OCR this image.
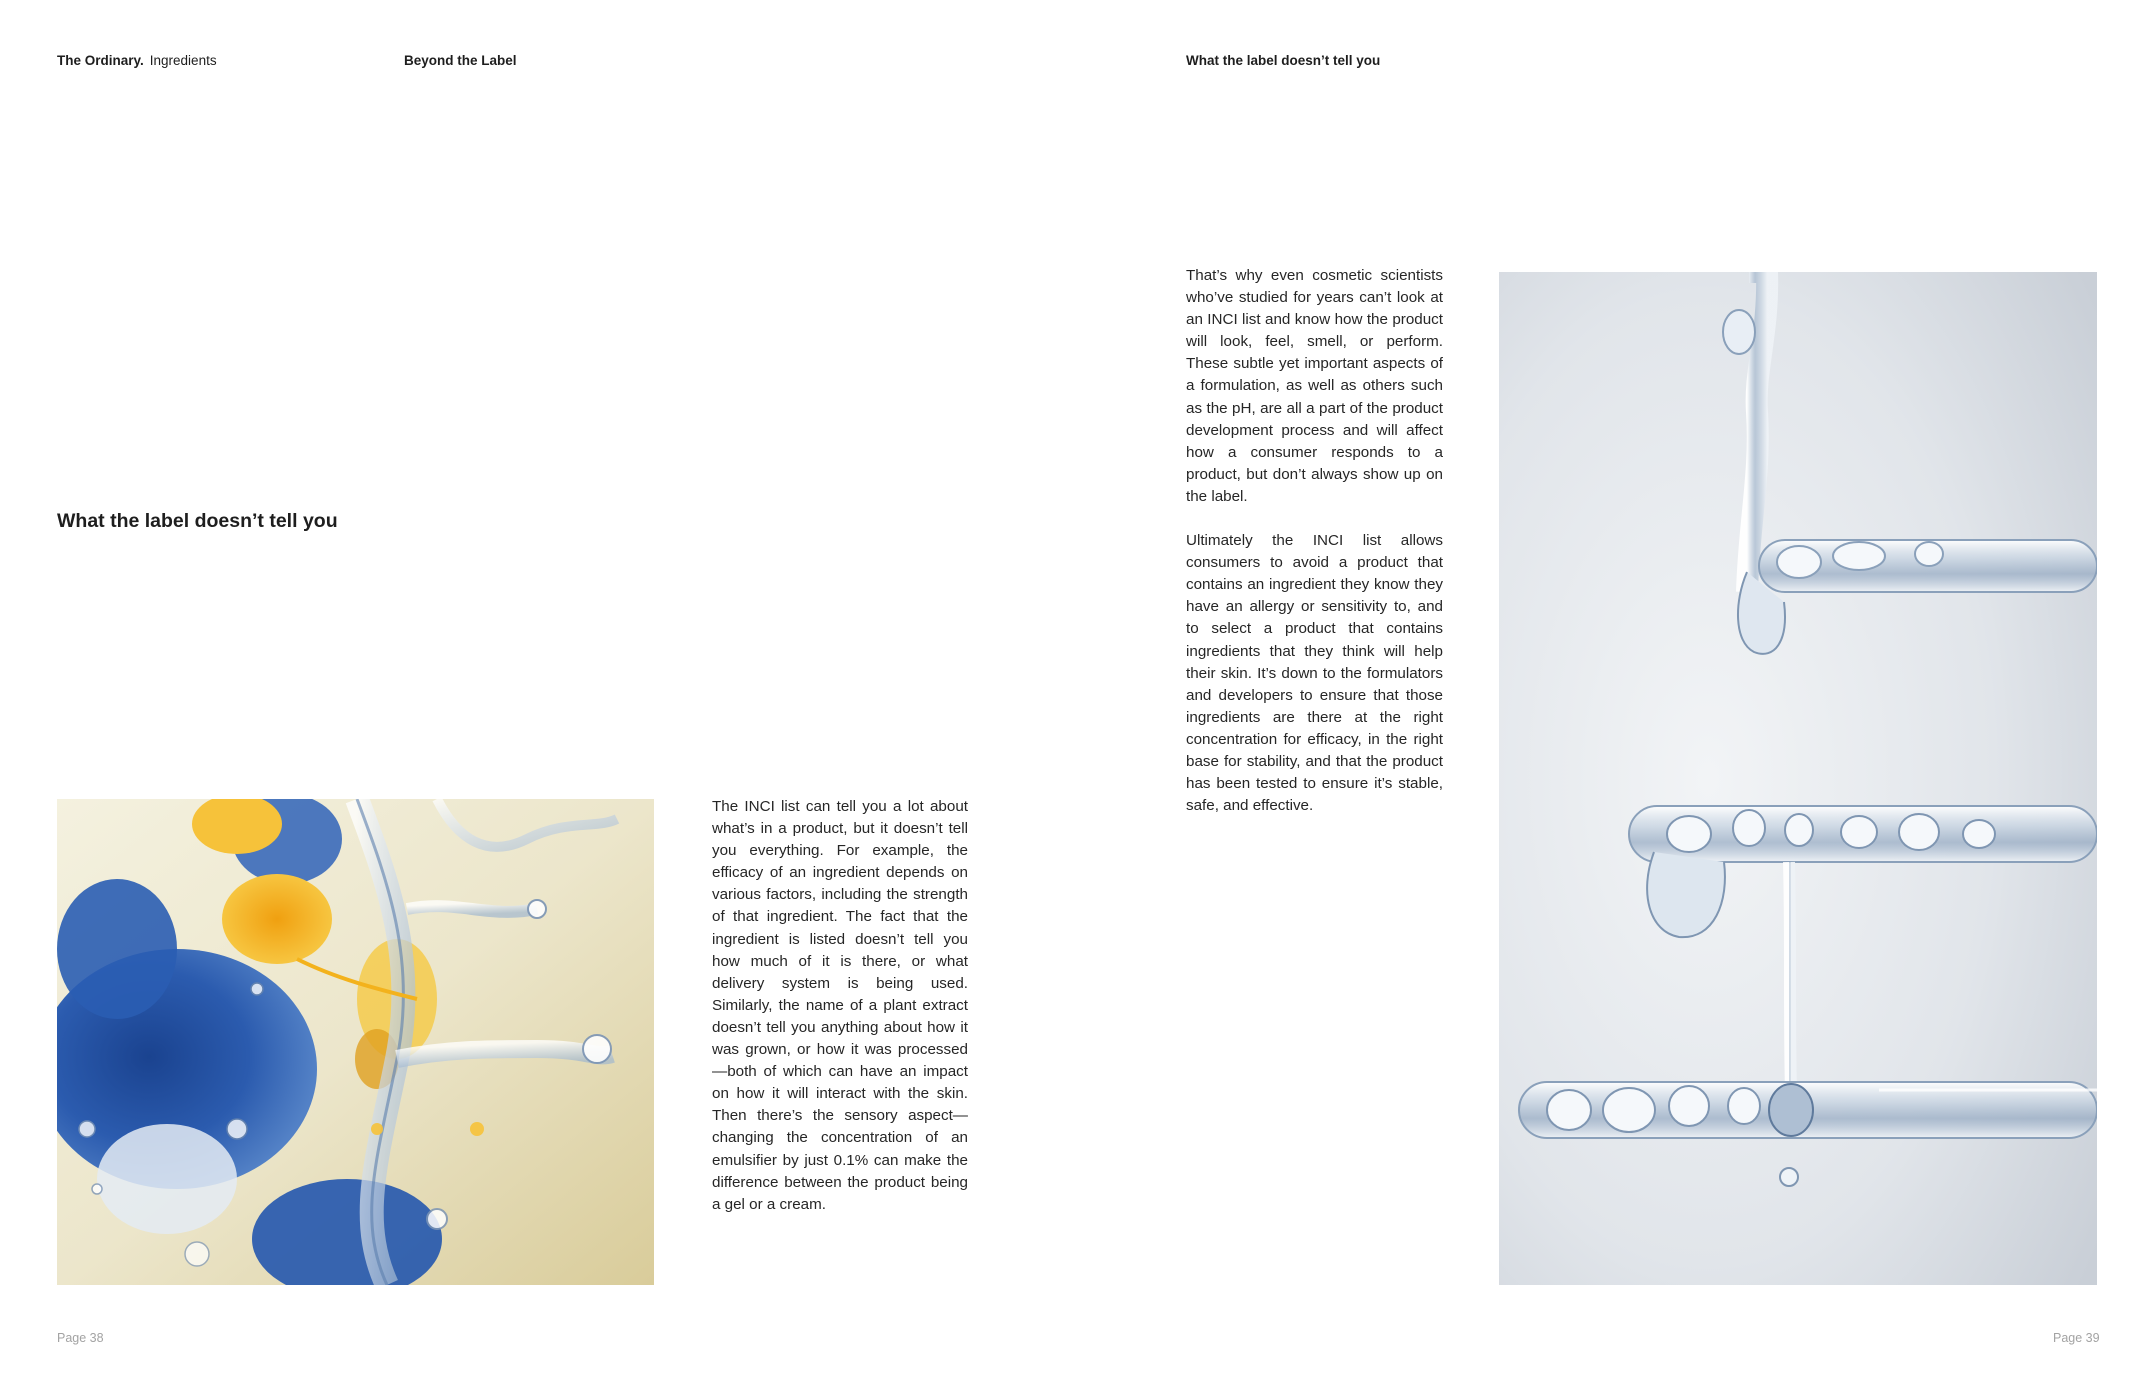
The Ordinary. Ingredients	Beyond the Label	What the label doesn’t tell you
What the label doesn’t tell you

The INCI list can tell you a lot about what’s in a product, but it doesn’t tell you everything. For example, the efficacy of an ingredient depends on various factors, including the strength of that ingredient. The fact that the ingredient is listed doesn’t tell you how much of it is there, or what delivery system is being used. Similarly, the name of a plant extract doesn’t tell you anything about how it was grown, or how it was processed—both of which can have an impact on how it will interact with the skin. Then there’s the sensory aspect—changing the concentration of an emulsifier by just 0.1% can make the difference between the product being a gel or a cream.

Page 38

That’s why even cosmetic scientists who’ve studied for years can’t look at an INCI list and know how the product will look, feel, smell, or perform. These subtle yet important aspects of a formulation, as well as others such as the pH, are all a part of the product development process and will affect how a consumer responds to a product, but don’t always show up on the label.

Ultimately the INCI list allows consumers to avoid a product that contains an ingredient they know they have an allergy or sensitivity to, and to select a product that contains ingredients that they think will help their skin. It’s down to the formulators and developers to ensure that those ingredients are there at the right concentration for efficacy, in the right base for stability, and that the product has been tested to ensure it’s stable, safe, and effective.

Page 39
